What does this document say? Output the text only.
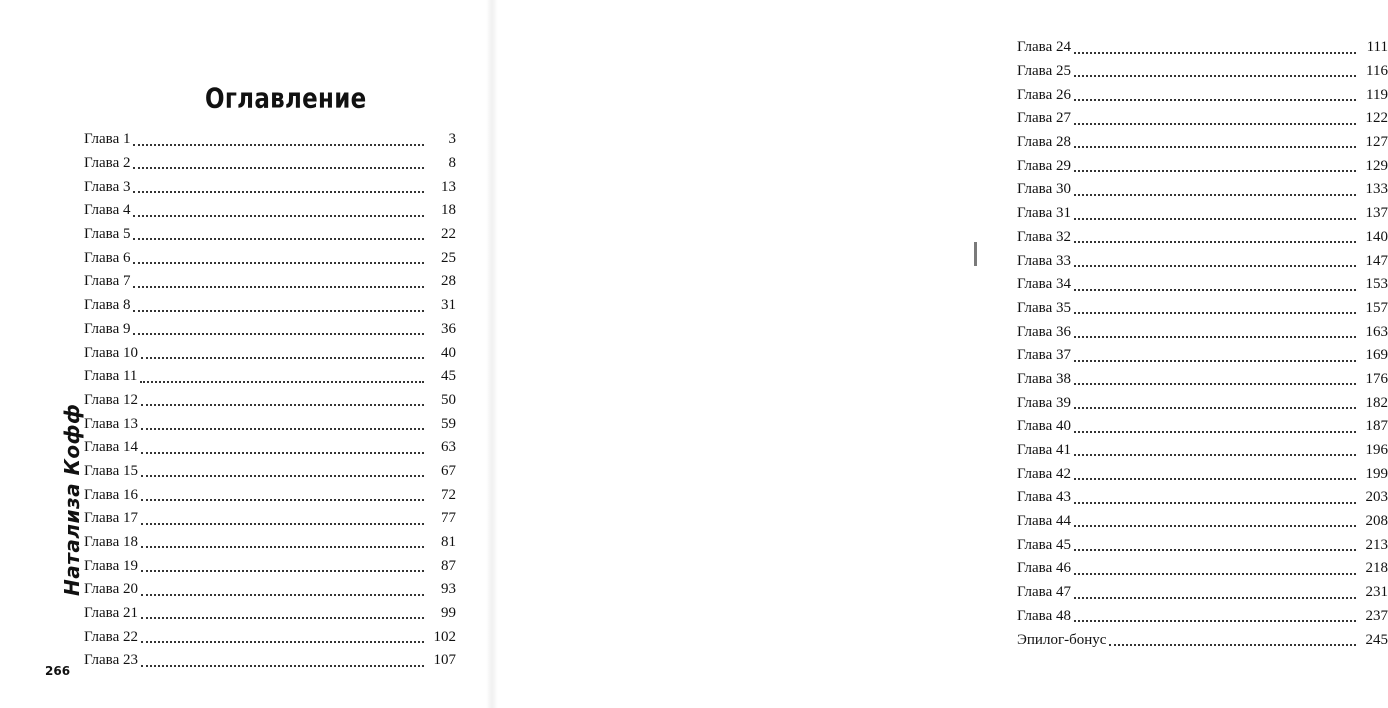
Оглавление
Глава 1	3
Глава 2	8
Глава 3	13
Глава 4	18
Глава 5	22
Глава 6	25
Глава 7	28
Глава 8	31
Глава 9	36
Глава 10	40
Глава 11	45
Глава 12	50
Глава 13	59
Глава 14	63
Глава 15	67
Глава 16	72
Глава 17	77
Глава 18	81
Глава 19	87
Глава 20	93
Глава 21	99
Глава 22	102
Глава 23	107
Натализа Кофф
266
Глава 24	111
Глава 25	116
Глава 26	119
Глава 27	122
Глава 28	127
Глава 29	129
Глава 30	133
Глава 31	137
Глава 32	140
Глава 33	147
Глава 34	153
Глава 35	157
Глава 36	163
Глава 37	169
Глава 38	176
Глава 39	182
Глава 40	187
Глава 41	196
Глава 42	199
Глава 43	203
Глава 44	208
Глава 45	213
Глава 46	218
Глава 47	231
Глава 48	237
Эпилог-бонус	245
